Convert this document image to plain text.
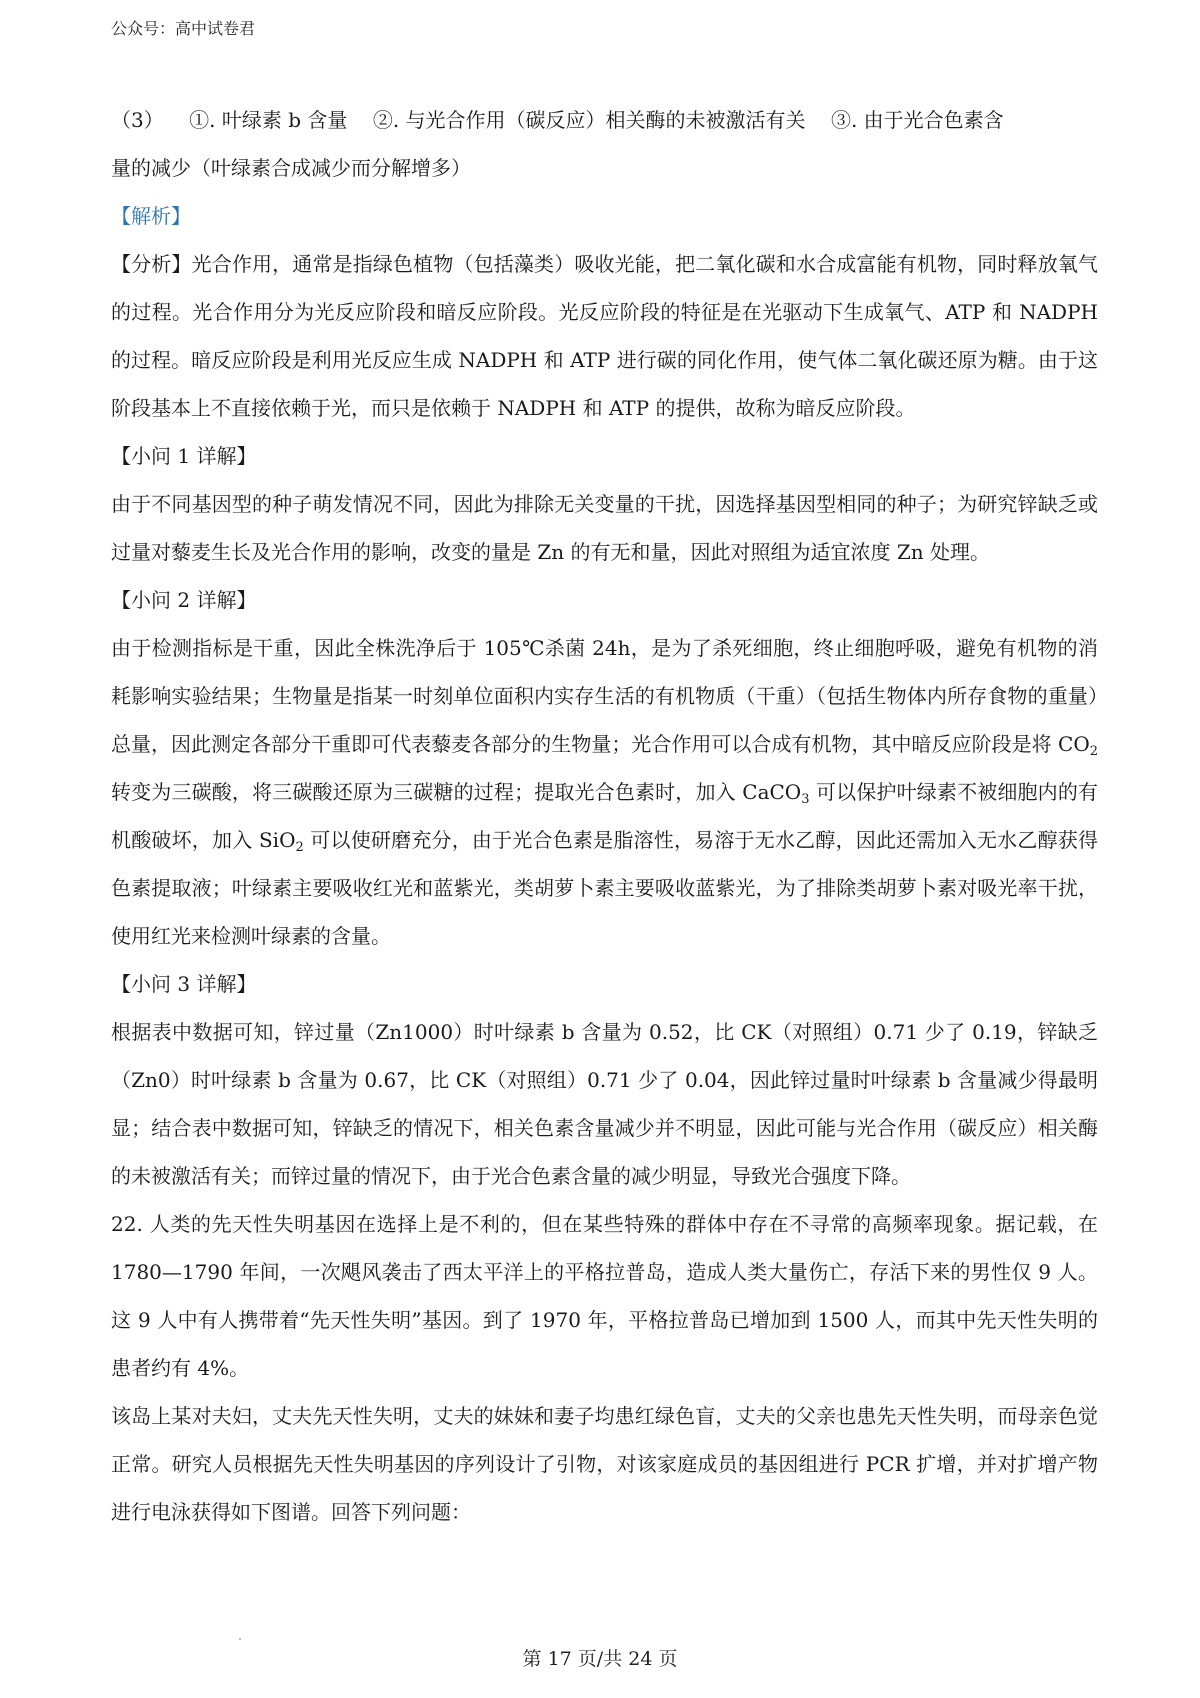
公众号：高中试卷君

（3）    ①. 叶绿素 b 含量    ②. 与光合作用（碳反应）相关酶的未被激活有关    ③. 由于光合色素含

量的减少（叶绿素合成减少而分解增多）

【解析】

【分析】光合作用，通常是指绿色植物（包括藻类）吸收光能，把二氧化碳和水合成富能有机物，同时释放氧气的过程。光合作用分为光反应阶段和暗反应阶段。光反应阶段的特征是在光驱动下生成氧气、ATP 和 NADPH 的过程。暗反应阶段是利用光反应生成 NADPH 和 ATP 进行碳的同化作用，使气体二氧化碳还原为糖。由于这阶段基本上不直接依赖于光，而只是依赖于 NADPH 和 ATP 的提供，故称为暗反应阶段。

【小问 1 详解】

由于不同基因型的种子萌发情况不同，因此为排除无关变量的干扰，因选择基因型相同的种子；为研究锌缺乏或过量对藜麦生长及光合作用的影响，改变的量是 Zn 的有无和量，因此对照组为适宜浓度 Zn 处理。

【小问 2 详解】

由于检测指标是干重，因此全株洗净后于 105℃杀菌 24h，是为了杀死细胞，终止细胞呼吸，避免有机物的消耗影响实验结果；生物量是指某一时刻单位面积内实存生活的有机物质（干重）（包括生物体内所存食物的重量）总量，因此测定各部分干重即可代表藜麦各部分的生物量；光合作用可以合成有机物，其中暗反应阶段是将 $CO_2$ 转变为三碳酸，将三碳酸还原为三碳糖的过程；提取光合色素时，加入 CaCO$_3$ 可以保护叶绿素不被细胞内的有机酸破坏，加入 SiO$_2$ 可以使研磨充分，由于光合色素是脂溶性，易溶于无水乙醇，因此还需加入无水乙醇获得色素提取液；叶绿素主要吸收红光和蓝紫光，类胡萝卜素主要吸收蓝紫光，为了排除类胡萝卜素对吸光率干扰，使用红光来检测叶绿素的含量。

【小问 3 详解】

根据表中数据可知，锌过量（Zn1000）时叶绿素 b 含量为 0.52，比 CK（对照组）0.71 少了 0.19，锌缺乏（Zn0）时叶绿素 b 含量为 0.67，比 CK（对照组）0.71 少了 0.04，因此锌过量时叶绿素 b 含量减少得最明显；结合表中数据可知，锌缺乏的情况下，相关色素含量减少并不明显，因此可能与光合作用（碳反应）相关酶的未被激活有关；而锌过量的情况下，由于光合色素含量的减少明显，导致光合强度下降。

22. 人类的先天性失明基因在选择上是不利的，但在某些特殊的群体中存在不寻常的高频率现象。据记载，在 1780—1790 年间，一次飓风袭击了西太平洋上的平格拉普岛，造成人类大量伤亡，存活下来的男性仅 9 人。这 9 人中有人携带着“先天性失明”基因。到了 1970 年，平格拉普岛已增加到 1500 人，而其中先天性失明的患者约有 4%。

该岛上某对夫妇，丈夫先天性失明，丈夫的妹妹和妻子均患红绿色盲，丈夫的父亲也患先天性失明，而母亲色觉正常。研究人员根据先天性失明基因的序列设计了引物，对该家庭成员的基因组进行 PCR 扩增，并对扩增产物进行电泳获得如下图谱。回答下列问题：

第 17 页/共 24 页
